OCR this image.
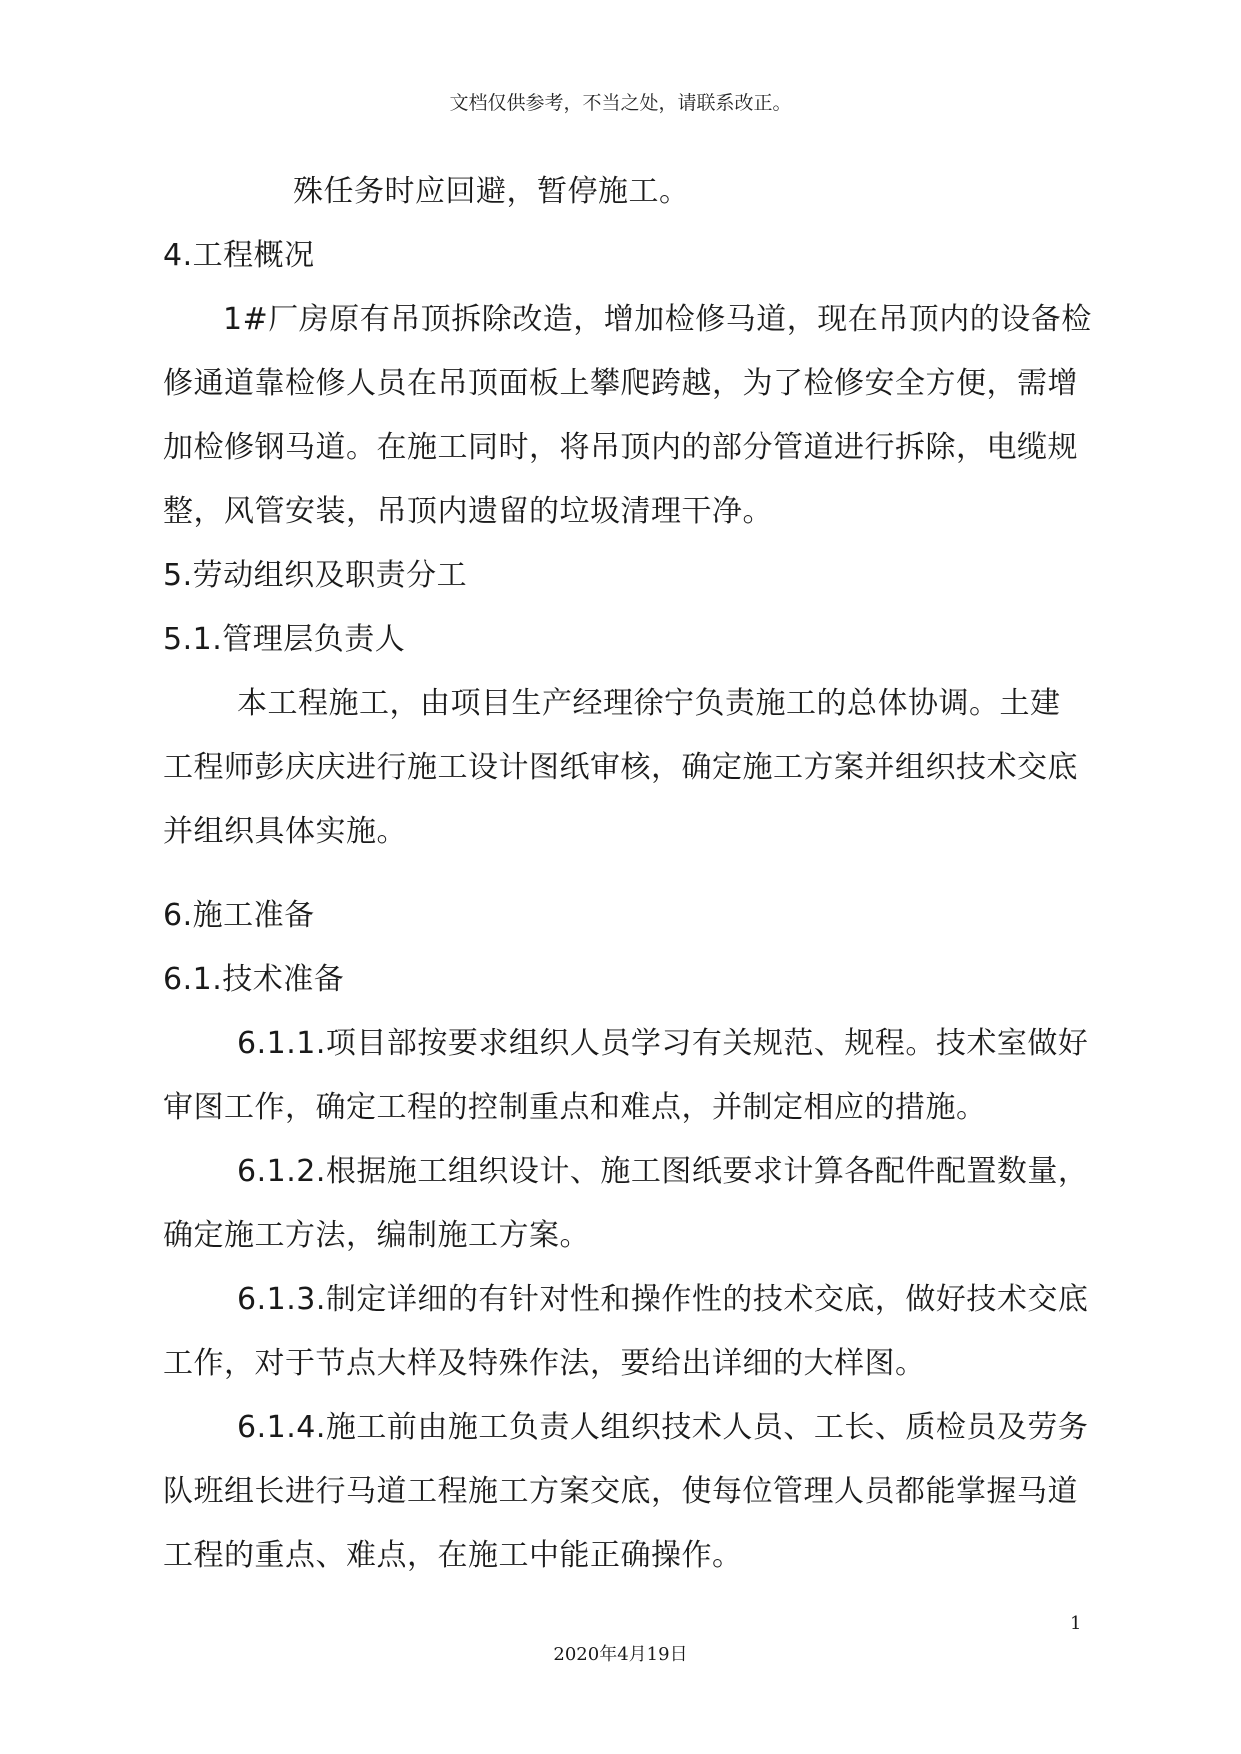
文档仅供参考，不当之处，请联系改正。
殊任务时应回避，暂停施工。
4.工程概况
1#厂房原有吊顶拆除改造，增加检修马道，现在吊顶内的设备检
修通道靠检修人员在吊顶面板上攀爬跨越，为了检修安全方便，需增
加检修钢马道。在施工同时，将吊顶内的部分管道进行拆除，电缆规
整，风管安装，吊顶内遗留的垃圾清理干净。
5.劳动组织及职责分工
5.1.管理层负责人
本工程施工，由项目生产经理徐宁负责施工的总体协调。土建
工程师彭庆庆进行施工设计图纸审核，确定施工方案并组织技术交底
并组织具体实施。
6.施工准备
6.1.技术准备
6.1.1.项目部按要求组织人员学习有关规范、规程。技术室做好
审图工作，确定工程的控制重点和难点，并制定相应的措施。
6.1.2.根据施工组织设计、施工图纸要求计算各配件配置数量，
确定施工方法，编制施工方案。
6.1.3.制定详细的有针对性和操作性的技术交底，做好技术交底
工作，对于节点大样及特殊作法，要给出详细的大样图。
6.1.4.施工前由施工负责人组织技术人员、工长、质检员及劳务
队班组长进行马道工程施工方案交底，使每位管理人员都能掌握马道
工程的重点、难点，在施工中能正确操作。
1
2020年4月19日
